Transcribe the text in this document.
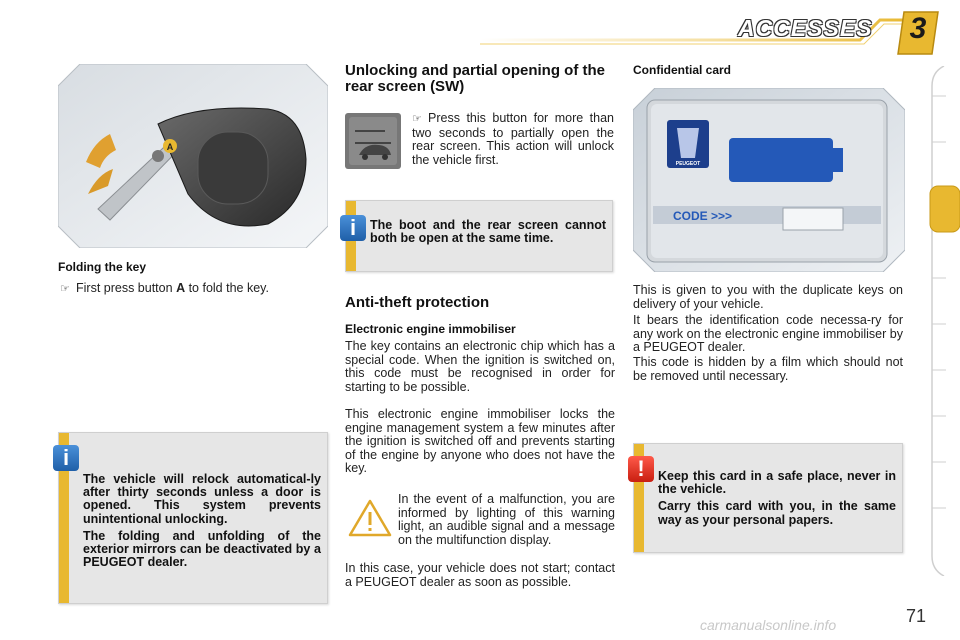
ACCESSES	3
A
Folding the key
☞ First press button A to fold the key.
i

The vehicle will relock automatical-ly after thirty seconds unless a door is opened. This system prevents unintentional unlocking.

The folding and unfolding of the exterior mirrors can be deactivated by a PEUGEOT dealer.

Unlocking and partial opening of the rear screen (SW)
☞ Press this button for more than two seconds to partially open the rear screen. This action will unlock the vehicle first.
i	The boot and the rear screen cannot both be open at the same time.
Anti-theft protection
Electronic engine immobiliser
The key contains an electronic chip which has a special code. When the ignition is switched on, this code must be recognised in order for starting to be possible.
This electronic engine immobiliser locks the engine management system a few minutes after the ignition is switched off and prevents starting of the engine by anyone who does not have the key.
In the event of a malfunction, you are informed by lighting of this warning light, an audible signal and a message on the multifunction display.
In this case, your vehicle does not start; contact a PEUGEOT dealer as soon as possible.
Confidential card
PEUGEOT
CODE >>>
This is given to you with the duplicate keys on delivery of your vehicle.
It bears the identification code necessa-ry for any work on the electronic engine immobiliser by a PEUGEOT dealer.
This code is hidden by a film which should not be removed until necessary.
!	Keep this card in a safe place, never in the vehicle.

Carry this card with you, in the same way as your personal papers.

71
carmanualsonline.info
